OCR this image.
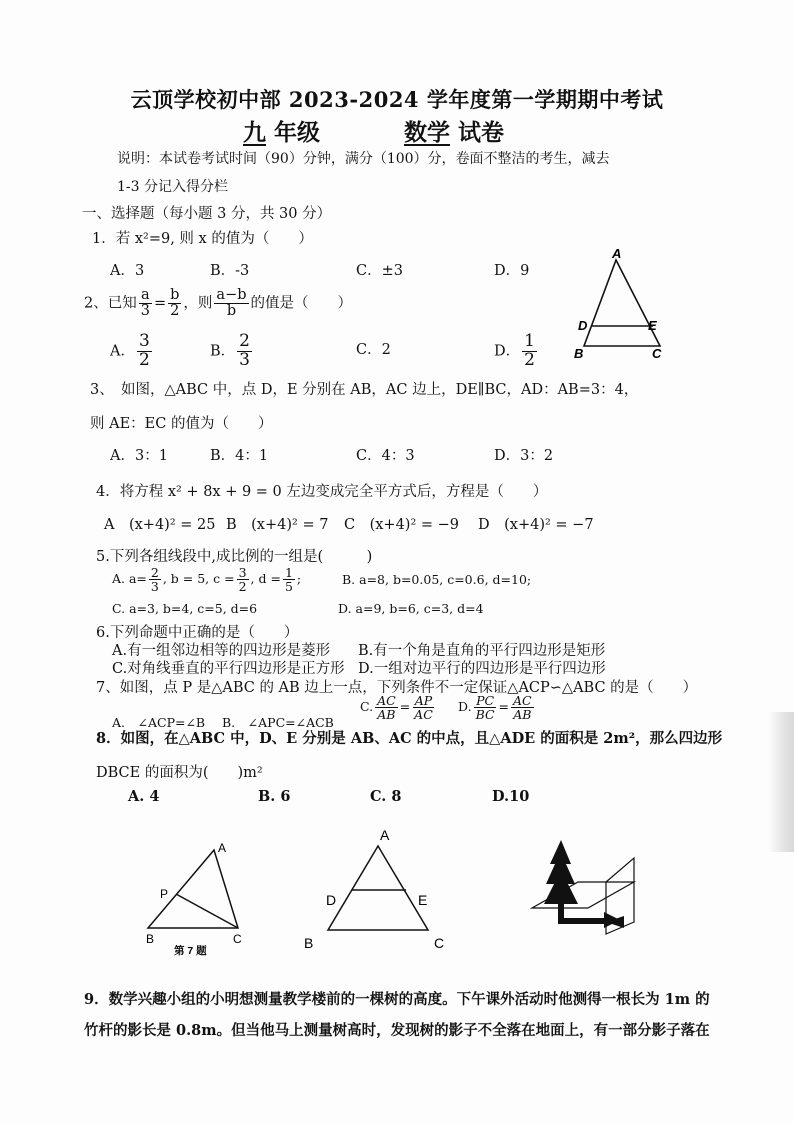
云顶学校初中部 2023-2024 学年度第一学期期中考试
九 年级	数学 试卷
说明：本试卷考试时间（90）分钟，满分（100）分，卷面不整洁的考生，减去
1-3 分记入得分栏
一、选择题（每小题 3 分，共 30 分）
1．若 x²=9, 则 x 的值为（　　）
A．3	B．-3	C．±3	D．9
2、已知 $\frac{a}{3} = \frac{b}{2}$ ，则 $\frac{a-b}{b}$ 的值是（　　）
A． $\frac{3}{2}$	B． $\frac{2}{3}$	C．2	D． $\frac{1}{2}$
A
D	E
B	C
3、　如图，△ABC 中，点 D，E 分别在 AB，AC 边上，DE∥BC，AD：AB=3：4，
则 AE：EC 的值为（　　）
A．3：1	B．4：1	C．4：3	D．3：2
4．将方程 x² + 8x + 9 = 0 左边变成完全平方式后，方程是（　　）
A　(x+4)² = 25 B　(x+4)² = 7 C　(x+4)² = −9 D　(x+4)² = −7
5.下列各组线段中,成比例的一组是(　　　)
A. $a= \frac{2}{3}$ , b = 5, $c = \frac{3}{2}$ , $d = \frac{1}{5}$ ;	B. a=8, b=0.05, c=0.6, d=10;
C. a=3, b=4, c=5, d=6	D. a=9, b=6, c=3, d=4
6.下列命题中正确的是（　　）
A.有一组邻边相等的四边形是菱形 B.有一个角是直角的平行四边形是矩形
C.对角线垂直的平行四边形是正方形 D.一组对边平行的四边形是平行四边形
7、如图，点 P 是△ABC 的 AB 边上一点，下列条件不一定保证△ACP∽△ABC 的是（　　）
A.　∠ACP=∠B B.　∠APC=∠ACB
C. $\frac{AC}{AB} = \frac{AP}{AC} D$. $\frac{PC}{BC} = \frac{AC}{AB}$
8．如图，在△ABC 中，D、E 分别是 AB、AC 的中点，且△ADE 的面积是 2m²，那么四边形
DBCE 的面积为(　　)m²
A. 4	B. 6	C. 8	D.10
A
P
B	C
第 7 题
A
D	E
B	C
9．数学兴趣小组的小明想测量教学楼前的一棵树的高度。下午课外活动时他测得一根长为 1m 的
竹杆的影长是 0.8m。但当他马上测量树高时，发现树的影子不全落在地面上，有一部分影子落在
